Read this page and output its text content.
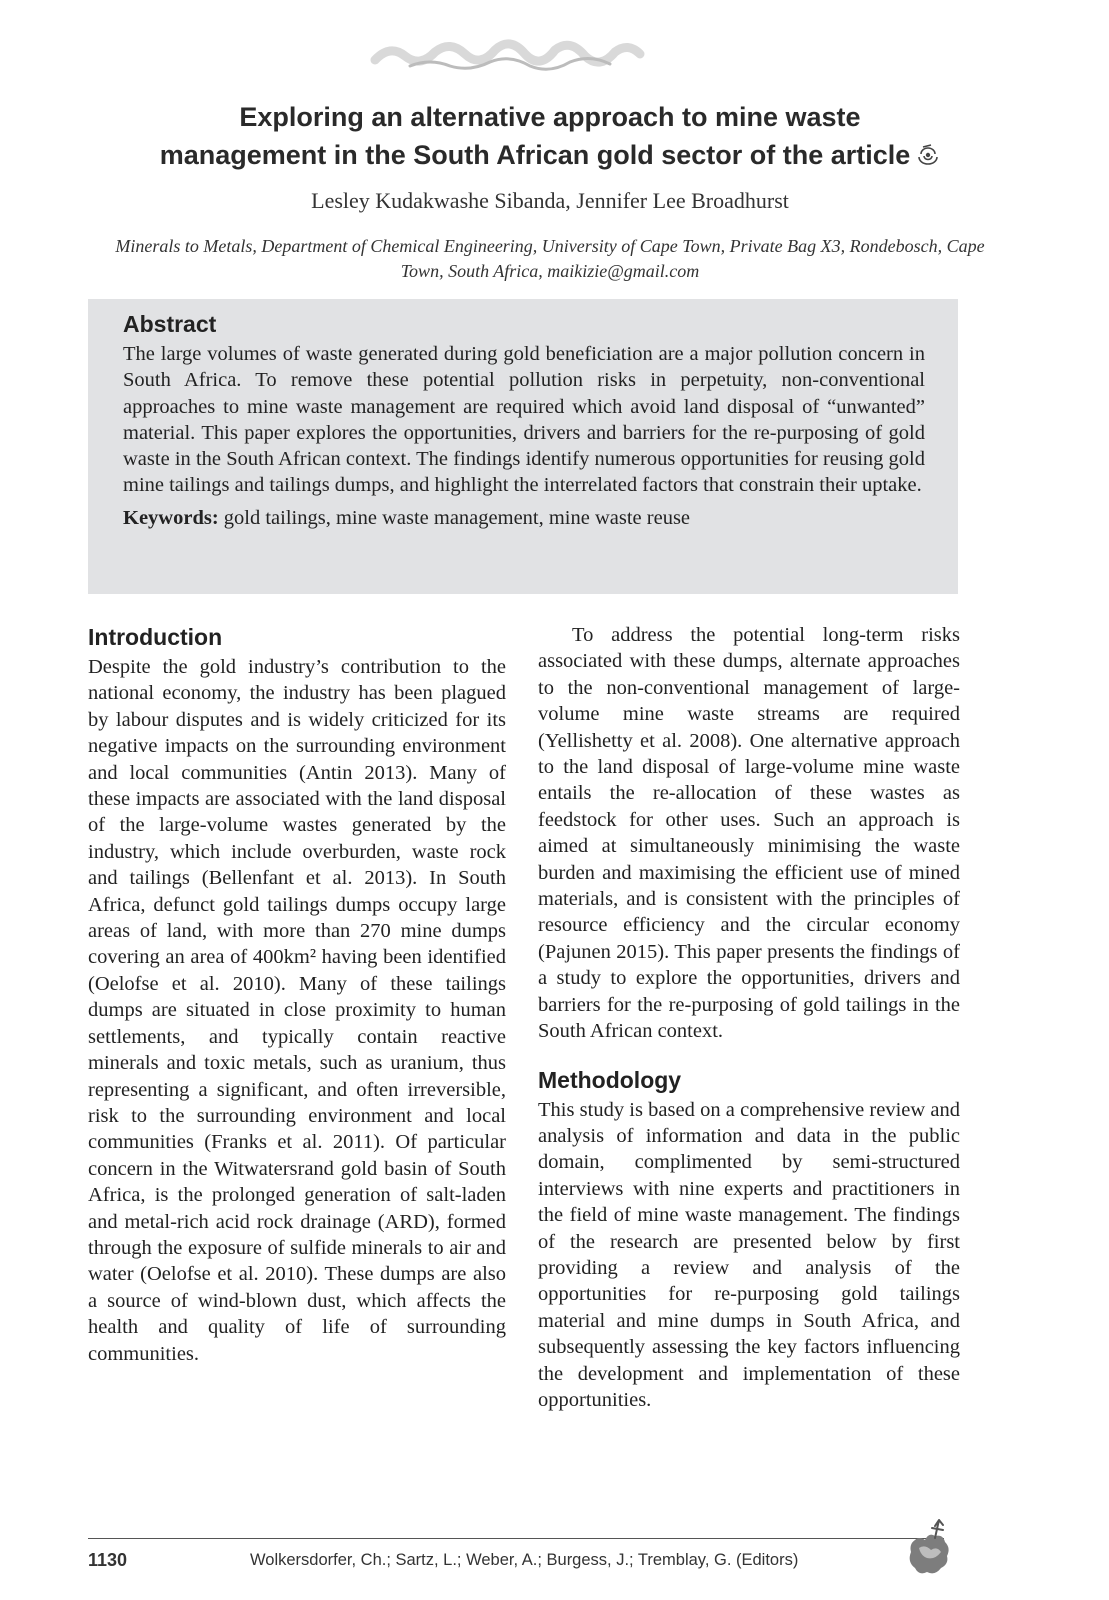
Exploring an alternative approach to mine waste
management in the South African gold sector of the article

Lesley Kudakwashe Sibanda, Jennifer Lee Broadhurst

Minerals to Metals, Department of Chemical Engineering, University of Cape Town, Private Bag X3, Rondebosch, Cape Town, South Africa, maikizie@gmail.com

Abstract

The large volumes of waste generated during gold beneficiation are a major pollution concern in South Africa. To remove these potential pollution risks in perpetuity, non-conventional approaches to mine waste management are required which avoid land disposal of “unwanted” material. This paper explores the opportunities, drivers and barriers for the re-purposing of gold waste in the South African context. The findings identify numerous opportunities for reusing gold mine tailings and tailings dumps, and highlight the interrelated factors that constrain their uptake.

Keywords: gold tailings, mine waste management, mine waste reuse

Introduction

Despite the gold industry’s contribution to the national economy, the industry has been plagued by labour disputes and is widely criticized for its negative impacts on the surrounding environment and local communities (Antin 2013). Many of these impacts are associated with the land disposal of the large-volume wastes generated by the industry, which include overburden, waste rock and tailings (Bellenfant et al. 2013). In South Africa, defunct gold tailings dumps occupy large areas of land, with more than 270 mine dumps covering an area of 400km² having been identified (Oelofse et al. 2010). Many of these tailings dumps are situated in close proximity to human settlements, and typically contain reactive minerals and toxic metals, such as uranium, thus representing a significant, and often irreversible, risk to the surrounding environment and local communities (Franks et al. 2011). Of particular concern in the Witwatersrand gold basin of South Africa, is the prolonged generation of salt-laden and metal-rich acid rock drainage (ARD), formed through the exposure of sulfide minerals to air and water (Oelofse et al. 2010). These dumps are also a source of wind-blown dust, which affects the health and quality of life of surrounding communities.

To address the potential long-term risks associated with these dumps, alternate approaches to the non-conventional management of large-volume mine waste streams are required (Yellishetty et al. 2008). One alternative approach to the land disposal of large-volume mine waste entails the re-allocation of these wastes as feedstock for other uses. Such an approach is aimed at simultaneously minimising the waste burden and maximising the efficient use of mined materials, and is consistent with the principles of resource efficiency and the circular economy (Pajunen 2015). This paper presents the findings of a study to explore the opportunities, drivers and barriers for the re-purposing of gold tailings in the South African context.

Methodology

This study is based on a comprehensive review and analysis of information and data in the public domain, complimented by semi-structured interviews with nine experts and practitioners in the field of mine waste management. The findings of the research are presented below by first providing a review and analysis of the opportunities for re-purposing gold tailings material and mine dumps in South Africa, and subsequently assessing the key factors influencing the development and implementation of these opportunities.

1130	Wolkersdorfer, Ch.; Sartz, L.; Weber, A.; Burgess, J.; Tremblay, G. (Editors)
